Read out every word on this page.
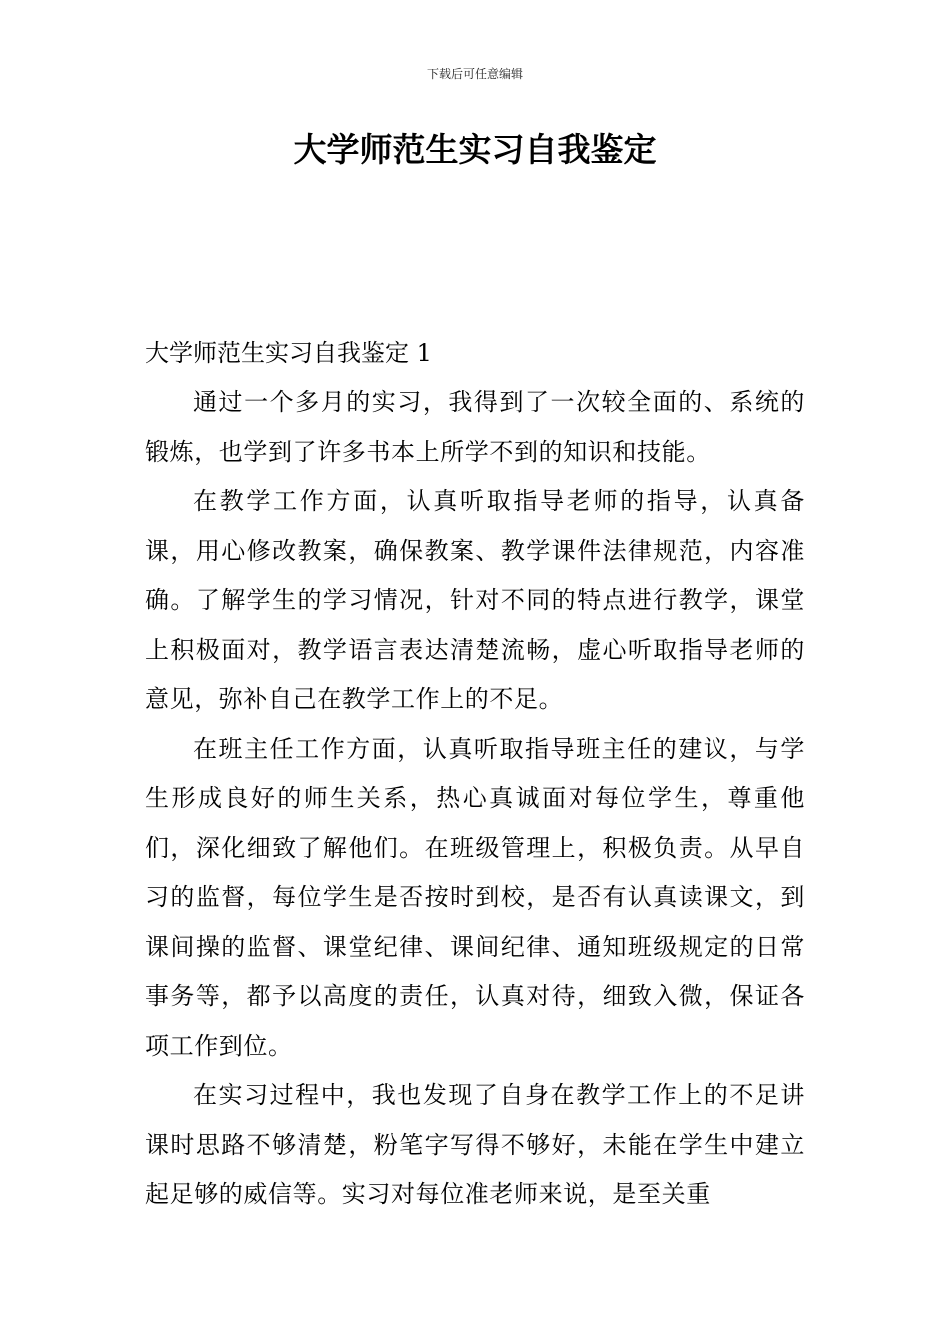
下载后可任意编辑
大学师范生实习自我鉴定

大学师范生实习自我鉴定 1

通过一个多月的实习，我得到了一次较全面的、系统的锻炼，也学到了许多书本上所学不到的知识和技能。

在教学工作方面，认真听取指导老师的指导，认真备课，用心修改教案，确保教案、教学课件法律规范，内容准确。了解学生的学习情况，针对不同的特点进行教学，课堂上积极面对，教学语言表达清楚流畅，虚心听取指导老师的意见，弥补自己在教学工作上的不足。

在班主任工作方面，认真听取指导班主任的建议，与学生形成良好的师生关系，热心真诚面对每位学生，尊重他们，深化细致了解他们。在班级管理上，积极负责。从早自习的监督，每位学生是否按时到校，是否有认真读课文，到课间操的监督、课堂纪律、课间纪律、通知班级规定的日常事务等，都予以高度的责任，认真对待，细致入微，保证各项工作到位。

在实习过程中，我也发现了自身在教学工作上的不足讲课时思路不够清楚，粉笔字写得不够好，未能在学生中建立起足够的威信等。实习对每位准老师来说，是至关重
